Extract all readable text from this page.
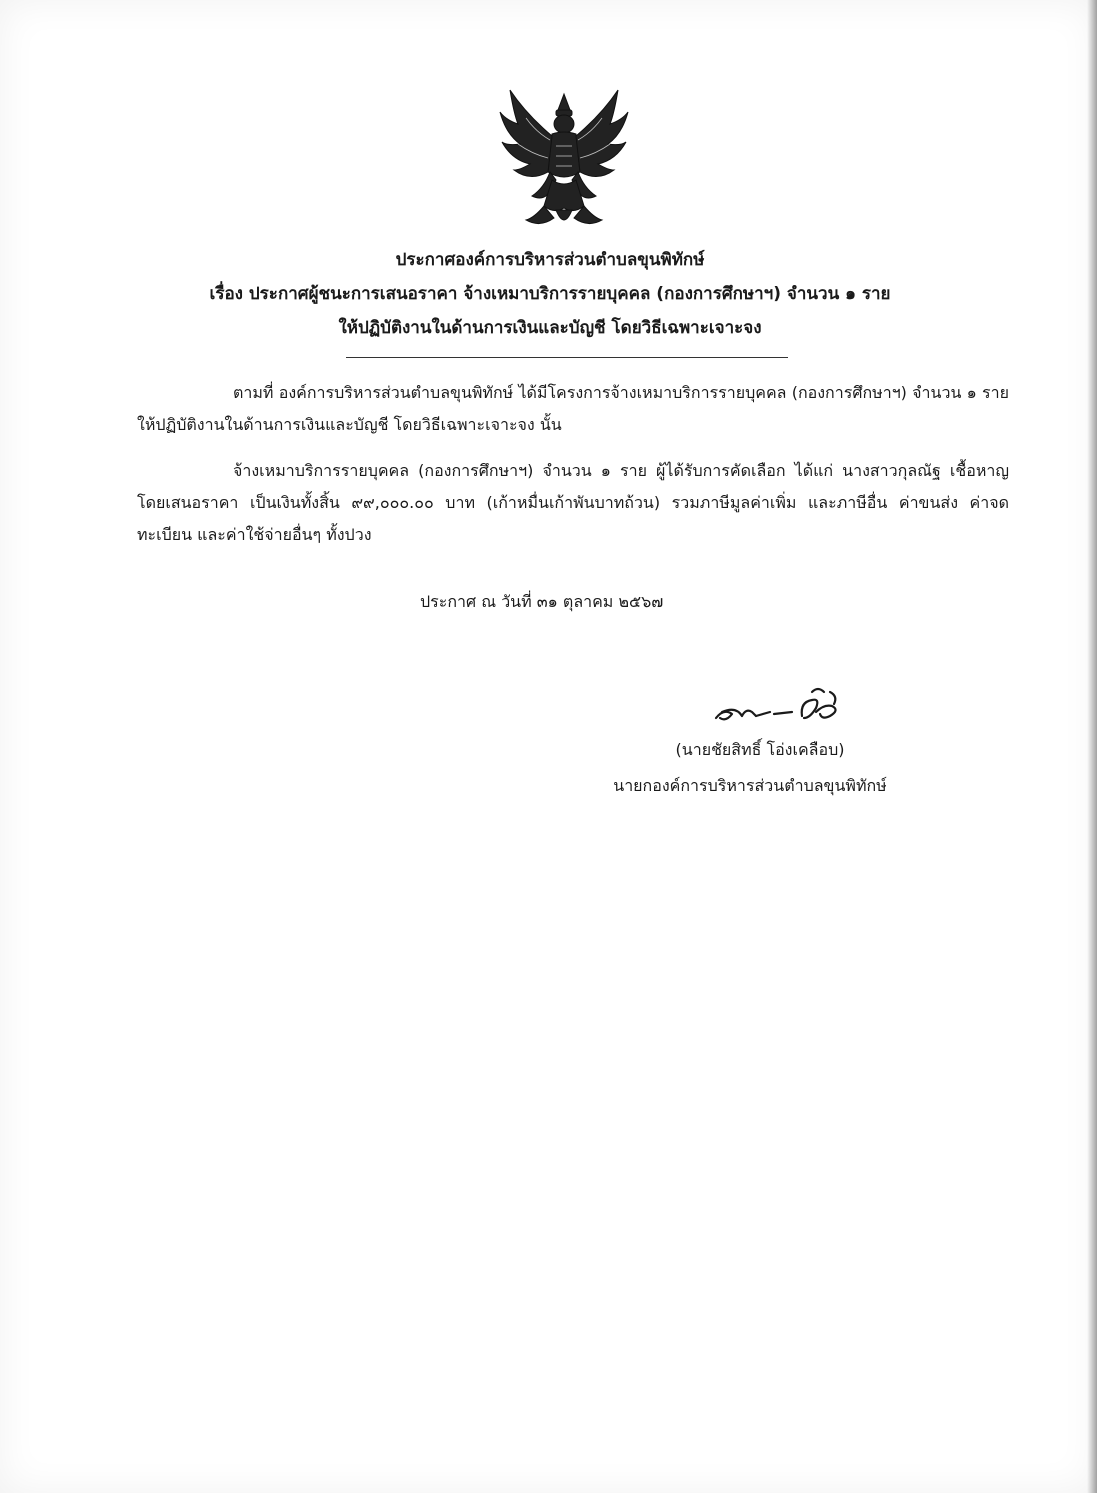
ประกาศองค์การบริหารส่วนตำบลขุนพิทักษ์
เรื่อง ประกาศผู้ชนะการเสนอราคา จ้างเหมาบริการรายบุคคล (กองการศึกษาฯ) จำนวน ๑ ราย
ให้ปฏิบัติงานในด้านการเงินและบัญชี โดยวิธีเฉพาะเจาะจง
ตามที่ องค์การบริหารส่วนตำบลขุนพิทักษ์ ได้มีโครงการจ้างเหมาบริการรายบุคคล (กองการศึกษาฯ) จำนวน ๑ ราย ให้ปฏิบัติงานในด้านการเงินและบัญชี โดยวิธีเฉพาะเจาะจง นั้น
จ้างเหมาบริการรายบุคคล (กองการศึกษาฯ) จำนวน ๑ ราย ผู้ได้รับการคัดเลือก ได้แก่ นางสาวกุลณัฐ เชื้อหาญ โดยเสนอราคา เป็นเงินทั้งสิ้น ๙๙,๐๐๐.๐๐ บาท (เก้าหมื่นเก้าพันบาทถ้วน) รวมภาษีมูลค่าเพิ่ม และภาษีอื่น ค่าขนส่ง ค่าจดทะเบียน และค่าใช้จ่ายอื่นๆ ทั้งปวง
ประกาศ ณ วันที่ ๓๑ ตุลาคม ๒๕๖๗
(นายชัยสิทธิ์ โอ่งเคลือบ)
นายกองค์การบริหารส่วนตำบลขุนพิทักษ์
